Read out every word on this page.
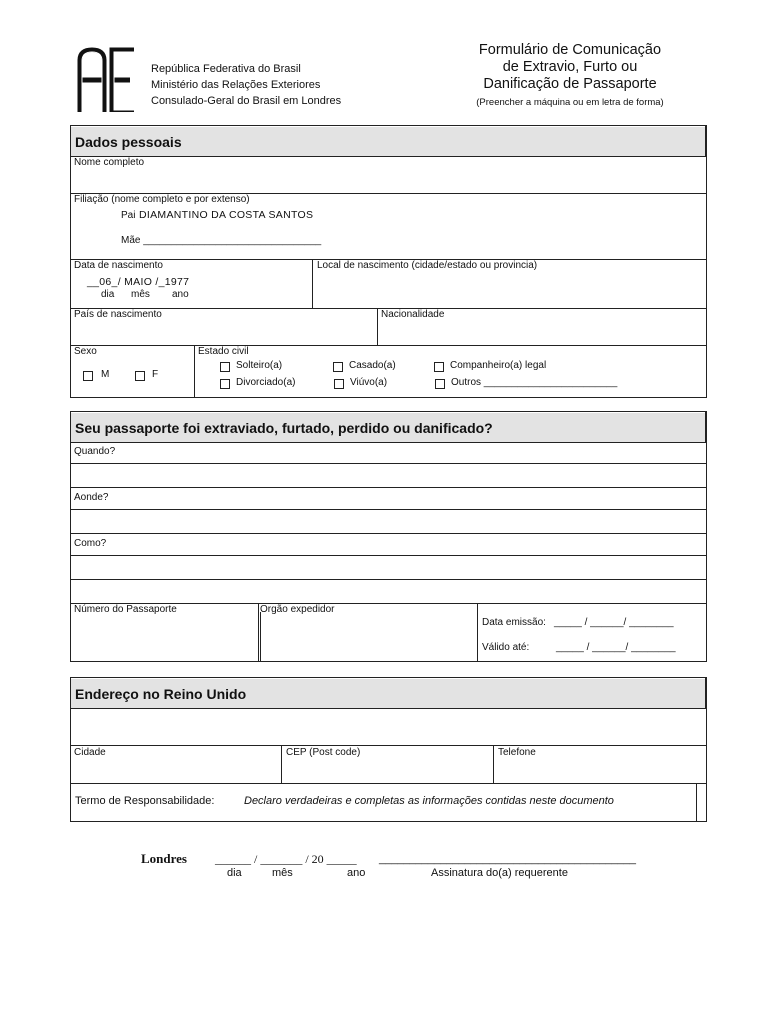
República Federativa do Brasil
Ministério das Relações Exteriores
Consulado-Geral do Brasil em Londres
Formulário de Comunicação
de Extravio, Furto ou
Danificação de Passaporte
(Preencher a máquina ou em letra de forma)
Dados pessoais
Nome completo
Filiação (nome completo e por extenso)
Pai DIAMANTINO DA COSTA SANTOS
Mãe ________________________________
Data de nascimento
__06_/ MAIO /_1977
dia mês ano
Local de nascimento (cidade/estado ou provincia)
País de nascimento	Nacionalidade
Sexo
M	F
Estado civil
Solteiro(a)	Casado(a)	Companheiro(a) legal
Divorciado(a)	Viúvo(a)	Outros ________________________
Seu passaporte foi extraviado, furtado, perdido ou danificado?
Quando?
Aonde?
Como?
Número do Passaporte	Orgão expedidor
Data emissão: _____ / ______/ ________
Válido até:	_____ / ______/ ________
Endereço no Reino Unido
Cidade	CEP (Post code)	Telefone
Termo de Responsabilidade:	Declaro verdadeiras e completas as informações contidas neste documento
Londres ______ / _______ / 20 _____ __________________________________________
dia	mês	ano	Assinatura do(a) requerente
